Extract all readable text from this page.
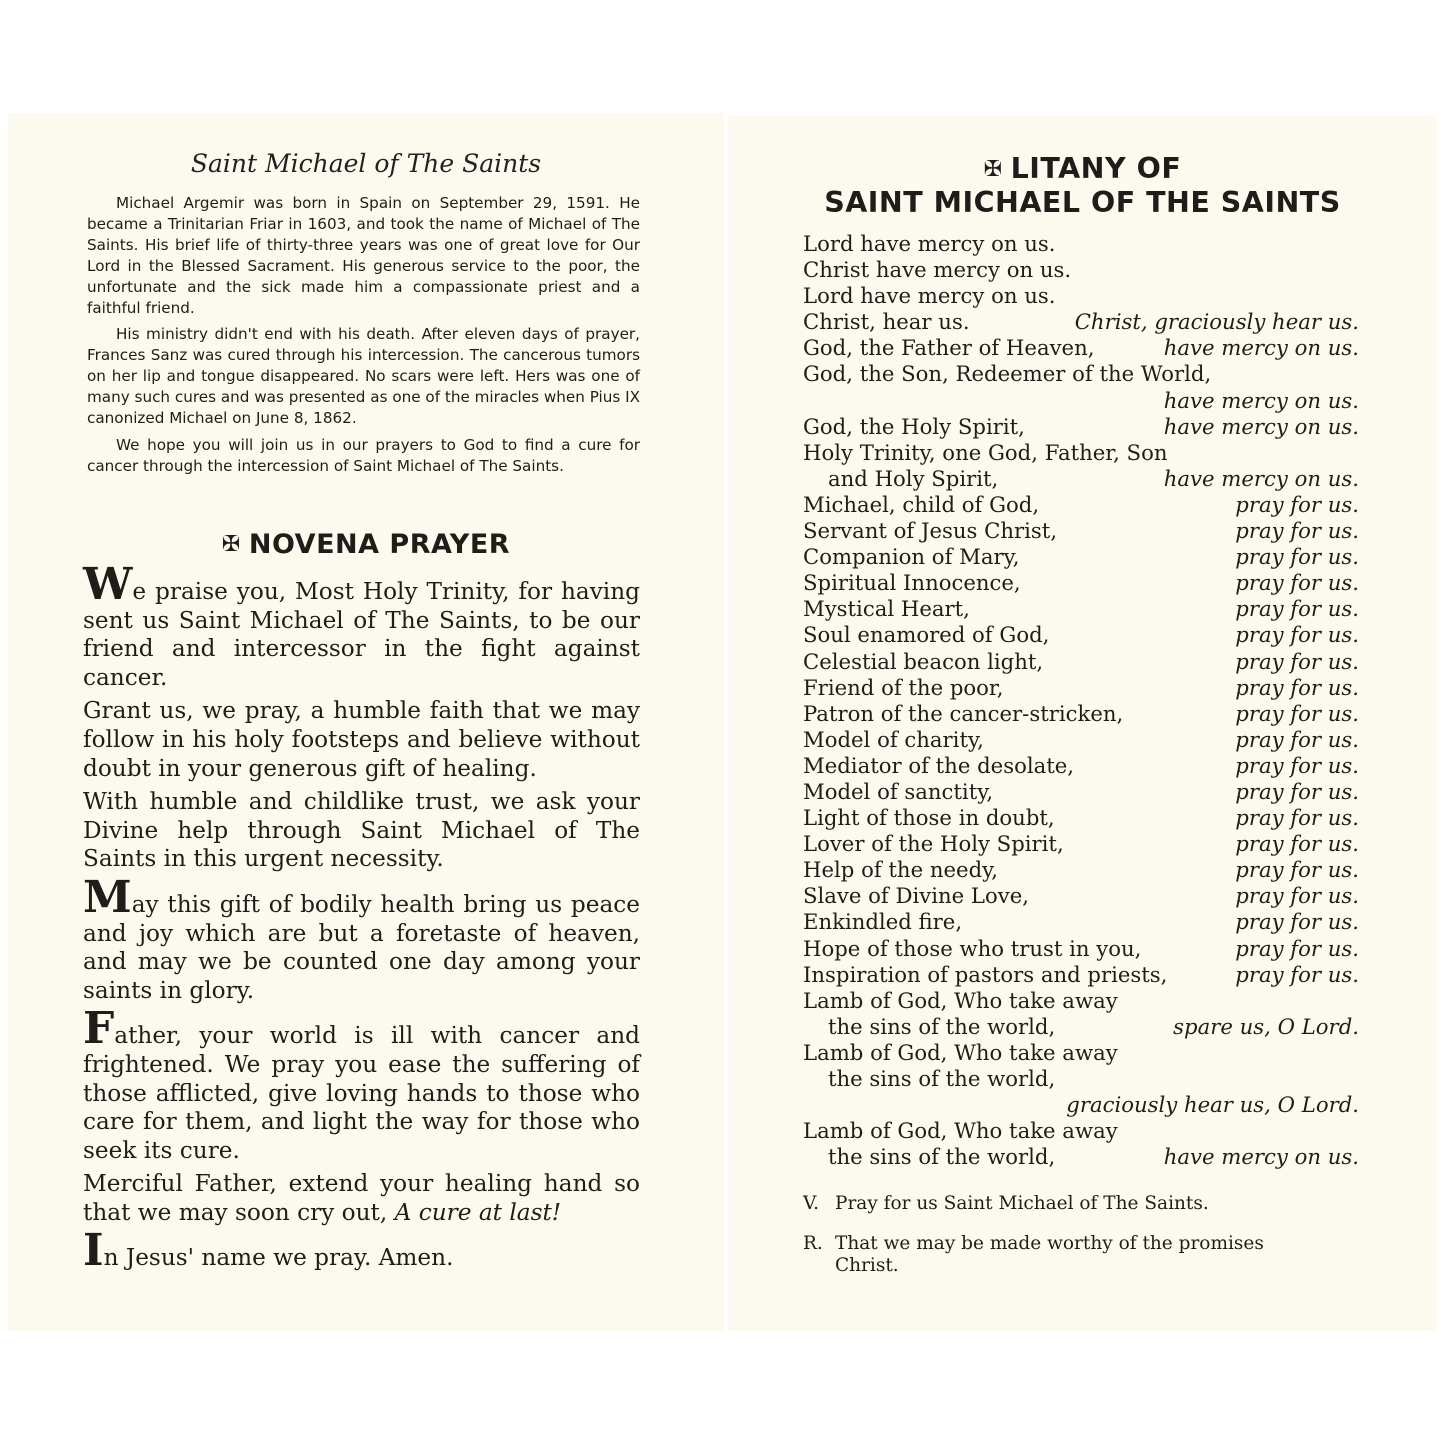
Saint Michael of The Saints

Michael Argemir was born in Spain on September 29, 1591. He became a Trinitarian Friar in 1603, and took the name of Michael of The Saints. His brief life of thirty-three years was one of great love for Our Lord in the Blessed Sacrament. His generous service to the poor, the unfortunate and the sick made him a compassionate priest and a faithful friend.

His ministry didn't end with his death. After eleven days of prayer, Frances Sanz was cured through his intercession. The cancerous tumors on her lip and tongue disappeared. No scars were left. Hers was one of many such cures and was presented as one of the miracles when Pius IX canonized Michael on June 8, 1862.

We hope you will join us in our prayers to God to find a cure for cancer through the intercession of Saint Michael of The Saints.

✠ NOVENA PRAYER

We praise you, Most Holy Trinity, for having sent us Saint Michael of The Saints, to be our friend and intercessor in the fight against cancer.

Grant us, we pray, a humble faith that we may follow in his holy footsteps and believe without doubt in your generous gift of healing.

With humble and childlike trust, we ask your Divine help through Saint Michael of The Saints in this urgent necessity.

May this gift of bodily health bring us peace and joy which are but a foretaste of heaven, and may we be counted one day among your saints in glory.

Father, your world is ill with cancer and frightened. We pray you ease the suffering of those afflicted, give loving hands to those who care for them, and light the way for those who seek its cure.

Merciful Father, extend your healing hand so that we may soon cry out, A cure at last!

In Jesus' name we pray. Amen.

✠ LITANY OF
SAINT MICHAEL OF THE SAINTS
Lord have mercy on us.
Christ have mercy on us.
Lord have mercy on us.
Christ, hear us.	Christ, graciously hear us.
God, the Father of Heaven,	have mercy on us.
God, the Son, Redeemer of the World,
have mercy on us.
God, the Holy Spirit,	have mercy on us.
Holy Trinity, one God, Father, Son
and Holy Spirit,	have mercy on us.
Michael, child of God,	pray for us.
Servant of Jesus Christ,	pray for us.
Companion of Mary,	pray for us.
Spiritual Innocence,	pray for us.
Mystical Heart,	pray for us.
Soul enamored of God,	pray for us.
Celestial beacon light,	pray for us.
Friend of the poor,	pray for us.
Patron of the cancer-stricken,	pray for us.
Model of charity,	pray for us.
Mediator of the desolate,	pray for us.
Model of sanctity,	pray for us.
Light of those in doubt,	pray for us.
Lover of the Holy Spirit,	pray for us.
Help of the needy,	pray for us.
Slave of Divine Love,	pray for us.
Enkindled fire,	pray for us.
Hope of those who trust in you,	pray for us.
Inspiration of pastors and priests,	pray for us.
Lamb of God, Who take away
the sins of the world,	spare us, O Lord.
Lamb of God, Who take away
the sins of the world,
graciously hear us, O Lord.
Lamb of God, Who take away
the sins of the world,	have mercy on us.
V. Pray for us Saint Michael of The Saints.
R. That we may be made worthy of the promises
Christ.
